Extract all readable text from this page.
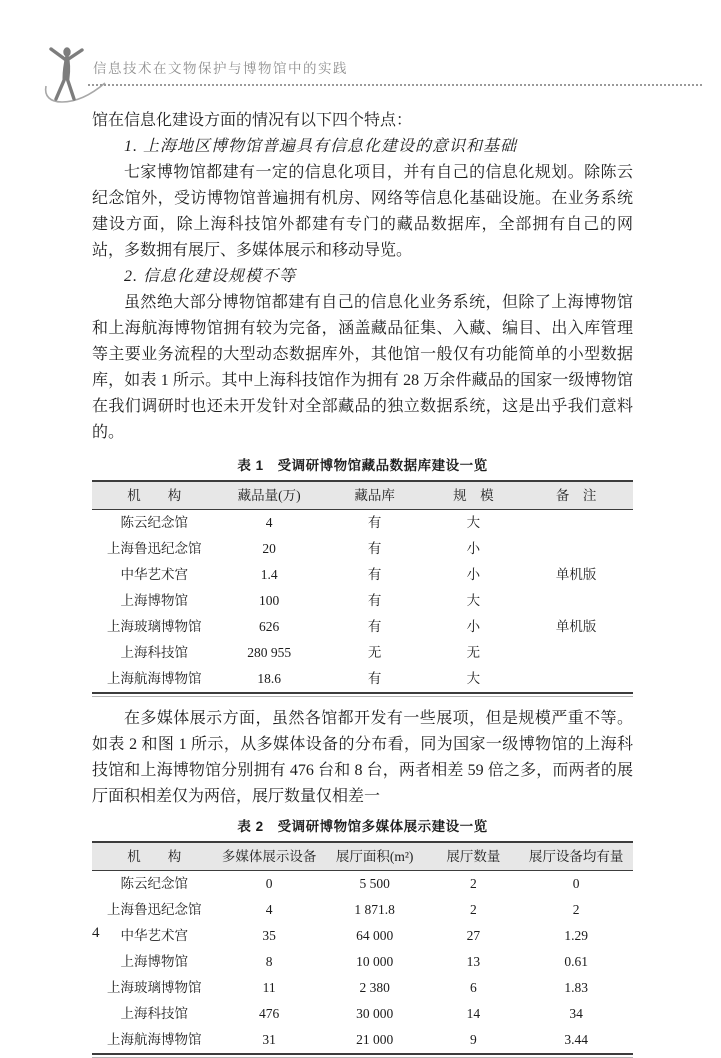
信息技术在文物保护与博物馆中的实践

馆在信息化建设方面的情况有以下四个特点：

1. 上海地区博物馆普遍具有信息化建设的意识和基础

七家博物馆都建有一定的信息化项目，并有自己的信息化规划。除陈云纪念馆外，受访博物馆普遍拥有机房、网络等信息化基础设施。在业务系统建设方面，除上海科技馆外都建有专门的藏品数据库，全部拥有自己的网站，多数拥有展厅、多媒体展示和移动导览。

2. 信息化建设规模不等

虽然绝大部分博物馆都建有自己的信息化业务系统，但除了上海博物馆和上海航海博物馆拥有较为完备，涵盖藏品征集、入藏、编目、出入库管理等主要业务流程的大型动态数据库外，其他馆一般仅有功能简单的小型数据库，如表 1 所示。其中上海科技馆作为拥有 28 万余件藏品的国家一级博物馆在我们调研时也还未开发针对全部藏品的独立数据系统，这是出乎我们意料的。

表 1　受调研博物馆藏品数据库建设一览
机　　构	藏品量(万)	藏品库	规　模	备　注
陈云纪念馆	4	有	大	
上海鲁迅纪念馆	20	有	小	
中华艺术宫	1.4	有	小	单机版
上海博物馆	100	有	大	
上海玻璃博物馆	626	有	小	单机版
上海科技馆	280 955	无	无	
上海航海博物馆	18.6	有	大	

在多媒体展示方面，虽然各馆都开发有一些展项，但是规模严重不等。如表 2 和图 1 所示，从多媒体设备的分布看，同为国家一级博物馆的上海科技馆和上海博物馆分别拥有 476 台和 8 台，两者相差 59 倍之多，而两者的展厅面积相差仅为两倍，展厅数量仅相差一

表 2　受调研博物馆多媒体展示建设一览
机　　构	多媒体展示设备	展厅面积(m²)	展厅数量	展厅设备均有量
陈云纪念馆	0	5 500	2	0
上海鲁迅纪念馆	4	1 871.8	2	2
中华艺术宫	35	64 000	27	1.29
上海博物馆	8	10 000	13	0.61
上海玻璃博物馆	11	2 380	6	1.83
上海科技馆	476	30 000	14	34
上海航海博物馆	31	21 000	9	3.44
4
